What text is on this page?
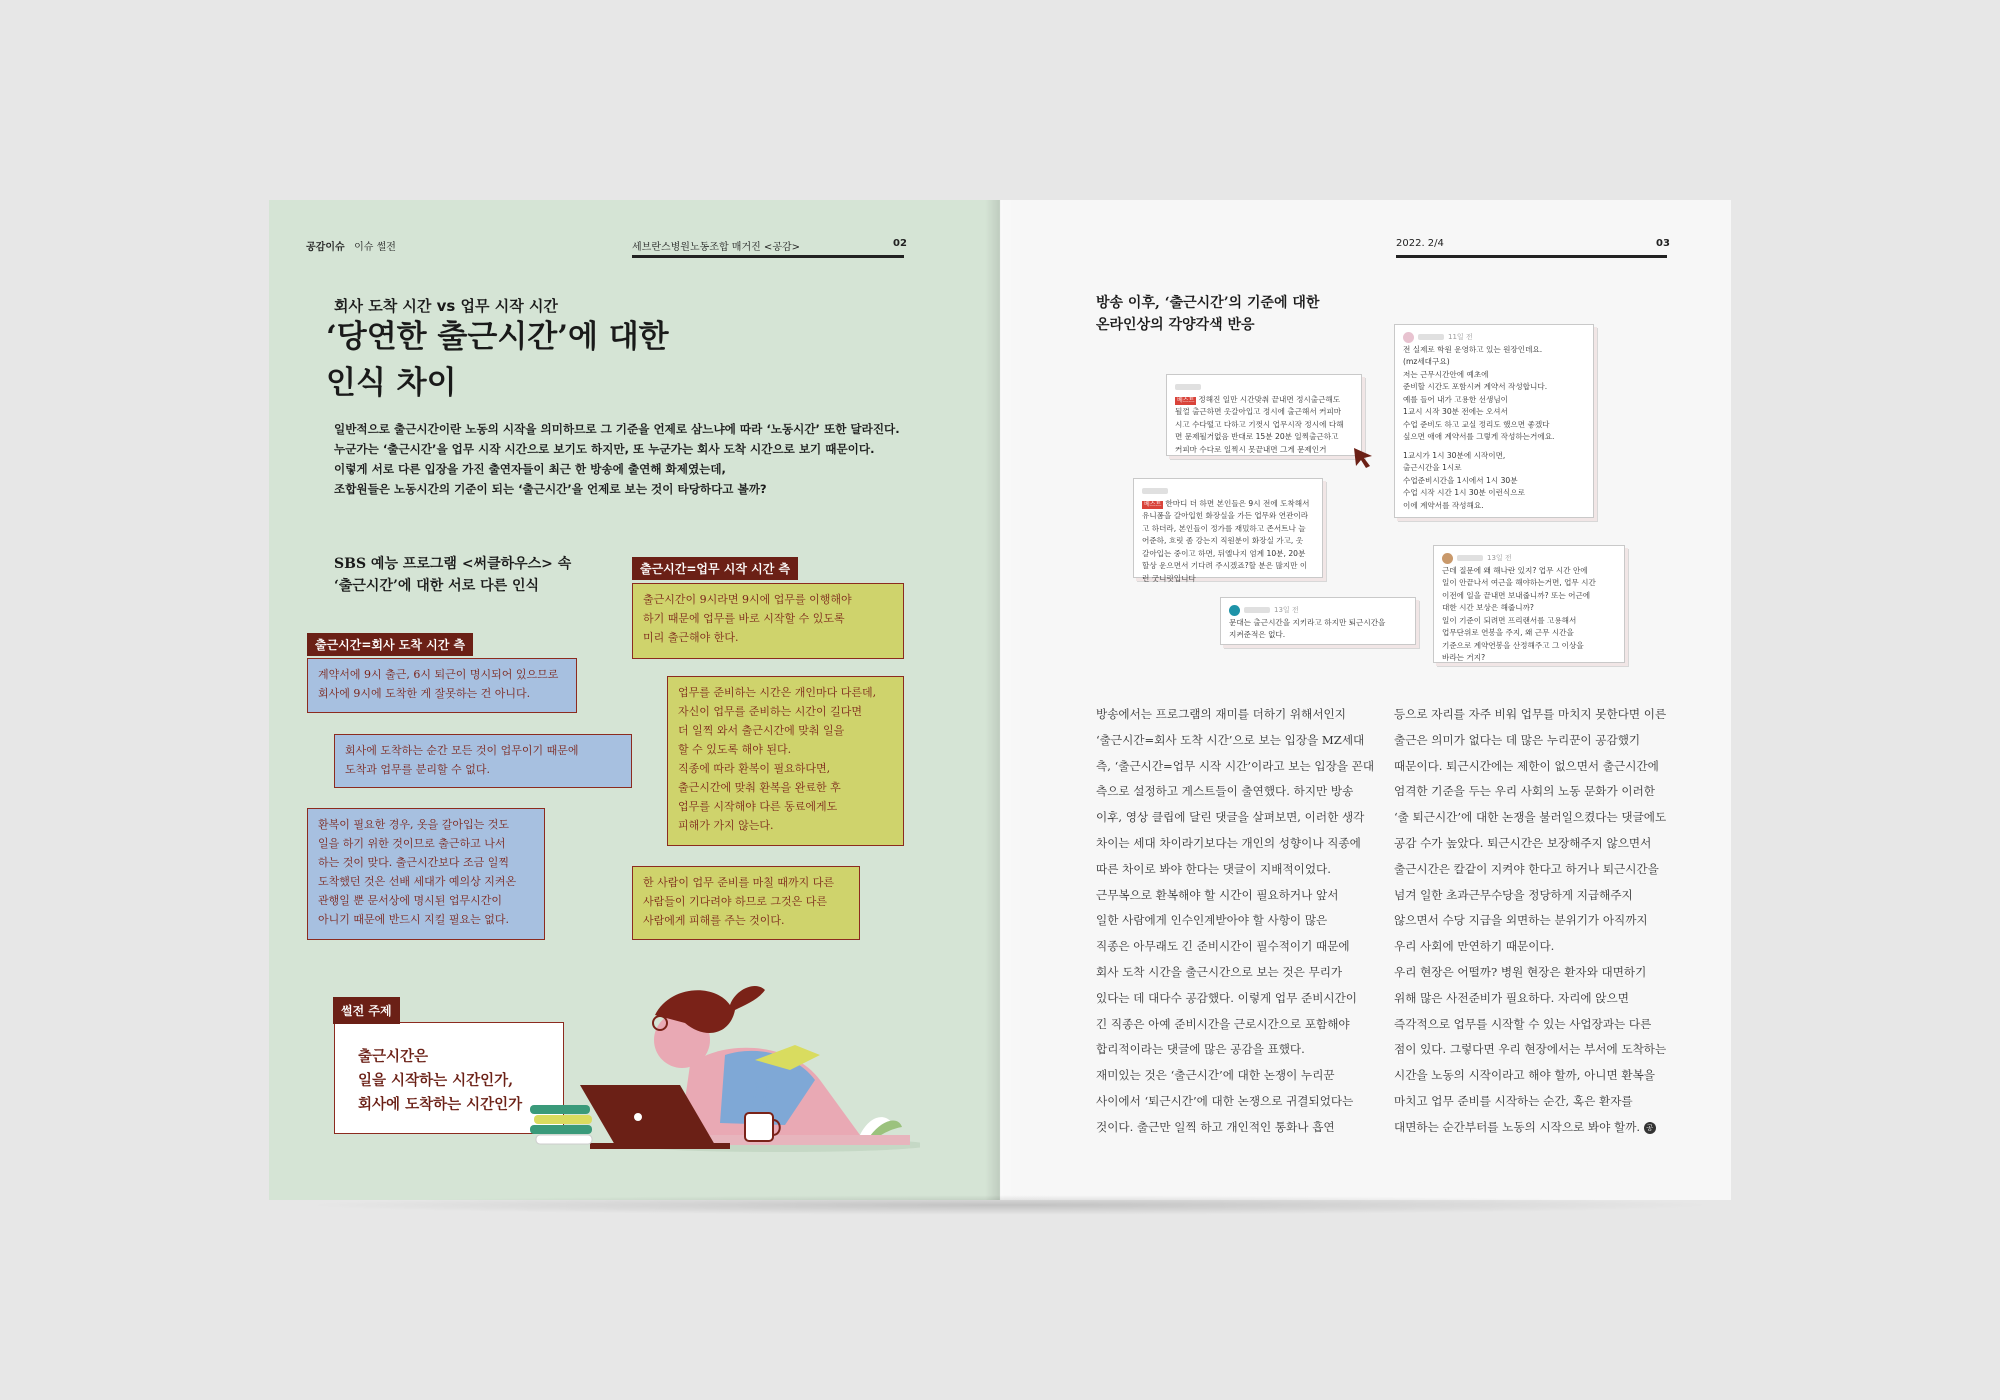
공감이슈 이슈 썰전	세브란스병원노동조합 매거진 <공감>	02
회사 도착 시간 vs 업무 시작 시간
‘당연한 출근시간’에 대한
인식 차이
일반적으로 출근시간이란 노동의 시작을 의미하므로 그 기준을 언제로 삼느냐에 따라 ‘노동시간’ 또한 달라진다.
누군가는 ‘출근시간’을 업무 시작 시간으로 보기도 하지만, 또 누군가는 회사 도착 시간으로 보기 때문이다.
이렇게 서로 다른 입장을 가진 출연자들이 최근 한 방송에 출연해 화제였는데,
조합원들은 노동시간의 기준이 되는 ‘출근시간’을 언제로 보는 것이 타당하다고 볼까?
SBS 예능 프로그램 <써클하우스> 속
‘출근시간’에 대한 서로 다른 인식
출근시간=업무 시작 시간 측
출근시간=회사 도착 시간 측
계약서에 9시 출근, 6시 퇴근이 명시되어 있으므로
회사에 9시에 도착한 게 잘못하는 건 아니다.
회사에 도착하는 순간 모든 것이 업무이기 때문에
도착과 업무를 분리할 수 없다.
환복이 필요한 경우, 옷을 갈아입는 것도
일을 하기 위한 것이므로 출근하고 나서
하는 것이 맞다. 출근시간보다 조금 일찍
도착했던 것은 선배 세대가 예의상 지켜온
관행일 뿐 문서상에 명시된 업무시간이
아니기 때문에 반드시 지킬 필요는 없다.
출근시간이 9시라면 9시에 업무를 이행해야
하기 때문에 업무를 바로 시작할 수 있도록
미리 출근해야 한다.
업무를 준비하는 시간은 개인마다 다른데,
자신이 업무를 준비하는 시간이 길다면
더 일찍 와서 출근시간에 맞춰 일을
할 수 있도록 해야 된다.
직종에 따라 환복이 필요하다면,
출근시간에 맞춰 환복을 완료한 후
업무를 시작해야 다른 동료에게도
피해가 가지 않는다.
한 사람이 업무 준비를 마칠 때까지 다른
사람들이 기다려야 하므로 그것은 다른
사람에게 피해를 주는 것이다.
썰전 주제
출근시간은
일을 시작하는 시간인가,
회사에 도착하는 시간인가
2022. 2/4	03
방송 이후, ‘출근시간’의 기준에 대한
온라인상의 각양각색 반응
베스트 정해진 일만 시간맞춰 끝내면 정시출근해도
될껄 출근하면 옷갈아입고 정시에 출근해서 커피마
시고 수다떨고 다하고 기껏시 업무시작 정시에 다해
면 문제될거없음 반대로 15분 20분 일찍출근하고
커피마 수다로 일찍시 못끝내면 그게 문제인거
베스트 한마디 더 하면 본인들은 9시 전에 도착해서
유니폼을 갈아입힌 화장실을 가든 업무와 연관이라
고 하더라, 본인들이 정가를 재밌하고 존서트나 늘
어준하, 흐릿 좀 강는지 직원분이 화장실 가고, 옷
갈아입는 중이고 하면, 뒤엘나지 엄계 10분, 20분
할상 운으면서 기다려 주시겠죠?할 분은 많지만 이
런 굿니릿입니다
11일 전
전 실제로 학원 운영하고 있는 원장인데요.
(mz세대구요)
저는 근무시간안에 예초에
준비할 시간도 포함시켜 계약서 작성합니다.
예를 들어 내가 고용한 선생님이
1교시 시작 30분 전에는 오셔서
수업 준비도 하고 교실 정리도 했으면 좋겠다
싶으면 애애 계약서를 그렇게 작성하는거에요.
1교시가 1시 30분에 시작이면,
출근시간을 1시로
수업준비시간을 1시에서 1시 30분
수업 시작 시간 1시 30분 이런식으로
이에 계약서를 작성해요.
13일 전
근데 질문에 왜 해나란 있지? 업무 시간 안에
일이 안끝나서 여근을 해야하는거면, 업무 시간
이전에 일을 끝내면 보내줍니까? 또는 어근에
대한 시간 보상은 해줍니까?
일이 기준이 되려면 프리랜서를 고용해서
업무단위로 연봉을 주지, 왜 근무 시간을
기준으로 계약연봉을 산정해주고 그 이상을
바라는 거지?
13일 전
문대는 출근시간을 지키라고 하지만 퇴근시간을
지켜준적은 없다.
방송에서는 프로그램의 재미를 더하기 위해서인지
‘출근시간=회사 도착 시간’으로 보는 입장을 MZ세대
측, ‘출근시간=업무 시작 시간’이라고 보는 입장을 꼰대
측으로 설정하고 게스트들이 출연했다. 하지만 방송
이후, 영상 클립에 달린 댓글을 살펴보면, 이러한 생각
차이는 세대 차이라기보다는 개인의 성향이나 직종에
따른 차이로 봐야 한다는 댓글이 지배적이었다.
근무복으로 환복해야 할 시간이 필요하거나 앞서
일한 사람에게 인수인계받아야 할 사항이 많은
직종은 아무래도 긴 준비시간이 필수적이기 때문에
회사 도착 시간을 출근시간으로 보는 것은 무리가
있다는 데 대다수 공감했다. 이렇게 업무 준비시간이
긴 직종은 아예 준비시간을 근로시간으로 포함해야
합리적이라는 댓글에 많은 공감을 표했다.
재미있는 것은 ‘출근시간’에 대한 논쟁이 누리꾼
사이에서 ‘퇴근시간’에 대한 논쟁으로 귀결되었다는
것이다. 출근만 일찍 하고 개인적인 통화나 흡연
등으로 자리를 자주 비워 업무를 마치지 못한다면 이른
출근은 의미가 없다는 데 많은 누리꾼이 공감했기
때문이다. 퇴근시간에는 제한이 없으면서 출근시간에
엄격한 기준을 두는 우리 사회의 노동 문화가 이러한
‘출 퇴근시간’에 대한 논쟁을 불러일으켰다는 댓글에도
공감 수가 높았다. 퇴근시간은 보장해주지 않으면서
출근시간은 칼같이 지켜야 한다고 하거나 퇴근시간을
넘겨 일한 초과근무수당을 정당하게 지급해주지
않으면서 수당 지급을 외면하는 분위기가 아직까지
우리 사회에 만연하기 때문이다.
우리 현장은 어떨까? 병원 현장은 환자와 대면하기
위해 많은 사전준비가 필요하다. 자리에 앉으면
즉각적으로 업무를 시작할 수 있는 사업장과는 다른
점이 있다. 그렇다면 우리 현장에서는 부서에 도착하는
시간을 노동의 시작이라고 해야 할까, 아니면 환복을
마치고 업무 준비를 시작하는 순간, 혹은 환자를
대면하는 순간부터를 노동의 시작으로 봐야 할까. 공
